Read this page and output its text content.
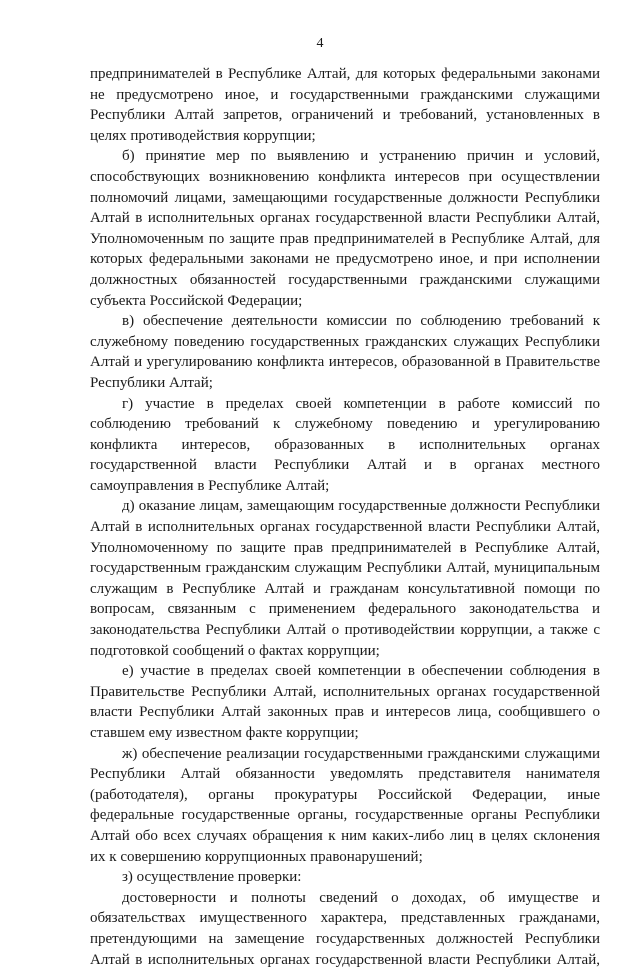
4

предпринимателей в Республике Алтай, для которых федеральными законами не предусмотрено иное, и государственными гражданскими служащими Республики Алтай запретов, ограничений и требований, установленных в целях противодействия коррупции;

б) принятие мер по выявлению и устранению причин и условий, способствующих возникновению конфликта интересов при осуществлении полномочий лицами, замещающими государственные должности Республики Алтай в исполнительных органах государственной власти Республики Алтай, Уполномоченным по защите прав предпринимателей в Республике Алтай, для которых федеральными законами не предусмотрено иное, и при исполнении должностных обязанностей государственными гражданскими служащими субъекта Российской Федерации;

в) обеспечение деятельности комиссии по соблюдению требований к служебному поведению государственных гражданских служащих Республики Алтай и урегулированию конфликта интересов, образованной в Правительстве Республики Алтай;

г) участие в пределах своей компетенции в работе комиссий по соблюдению требований к служебному поведению и урегулированию конфликта интересов, образованных в исполнительных органах государственной власти Республики Алтай и в органах местного самоуправления в Республике Алтай;

д) оказание лицам, замещающим государственные должности Республики Алтай в исполнительных органах государственной власти Республики Алтай, Уполномоченному по защите прав предпринимателей в Республике Алтай, государственным гражданским служащим Республики Алтай, муниципальным служащим в Республике Алтай и гражданам консультативной помощи по вопросам, связанным с применением федерального законодательства и законодательства Республики Алтай о противодействии коррупции, а также с подготовкой сообщений о фактах коррупции;

е) участие в пределах своей компетенции в обеспечении соблюдения в Правительстве Республики Алтай, исполнительных органах государственной власти Республики Алтай законных прав и интересов лица, сообщившего о ставшем ему известном факте коррупции;

ж) обеспечение реализации государственными гражданскими служащими Республики Алтай обязанности уведомлять представителя нанимателя (работодателя), органы прокуратуры Российской Федерации, иные федеральные государственные органы, государственные органы Республики Алтай обо всех случаях обращения к ним каких-либо лиц в целях склонения их к совершению коррупционных правонарушений;

з) осуществление проверки:

достоверности и полноты сведений о доходах, об имуществе и обязательствах имущественного характера, представленных гражданами, претендующими на замещение государственных должностей Республики Алтай в исполнительных органах государственной власти Республики Алтай,
